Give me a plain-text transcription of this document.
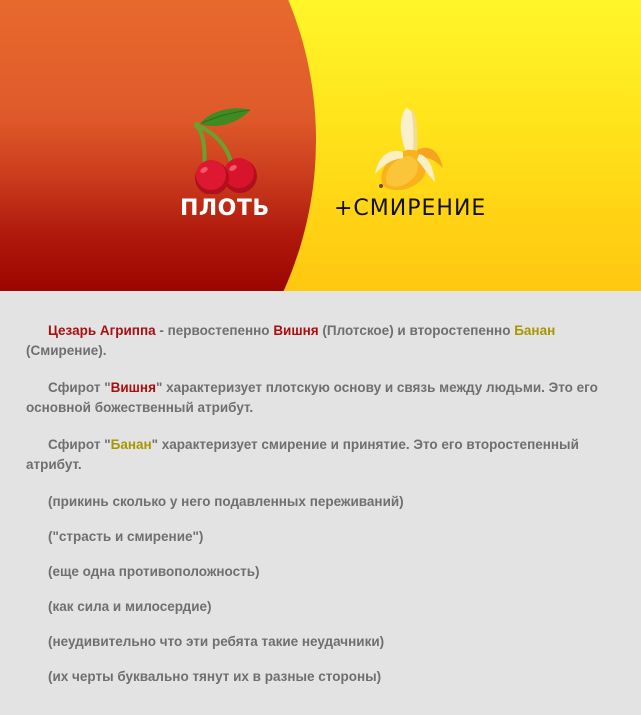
ПЛОТЬ	+СМИРЕНИЕ

Цезарь Агриппа - первостепенно Вишня (Плотское) и второстепенно Банан (Смирение).

Сфирот "Вишня" характеризует плотскую основу и связь между людьми. Это его основной божественный атрибут.

Сфирот "Банан" характеризует смирение и принятие. Это его второстепенный атрибут.

(прикинь сколько у него подавленных переживаний)

("страсть и смирение")

(еще одна противоположность)

(как сила и милосердие)

(неудивительно что эти ребята такие неудачники)

(их черты буквально тянут их в разные стороны)
